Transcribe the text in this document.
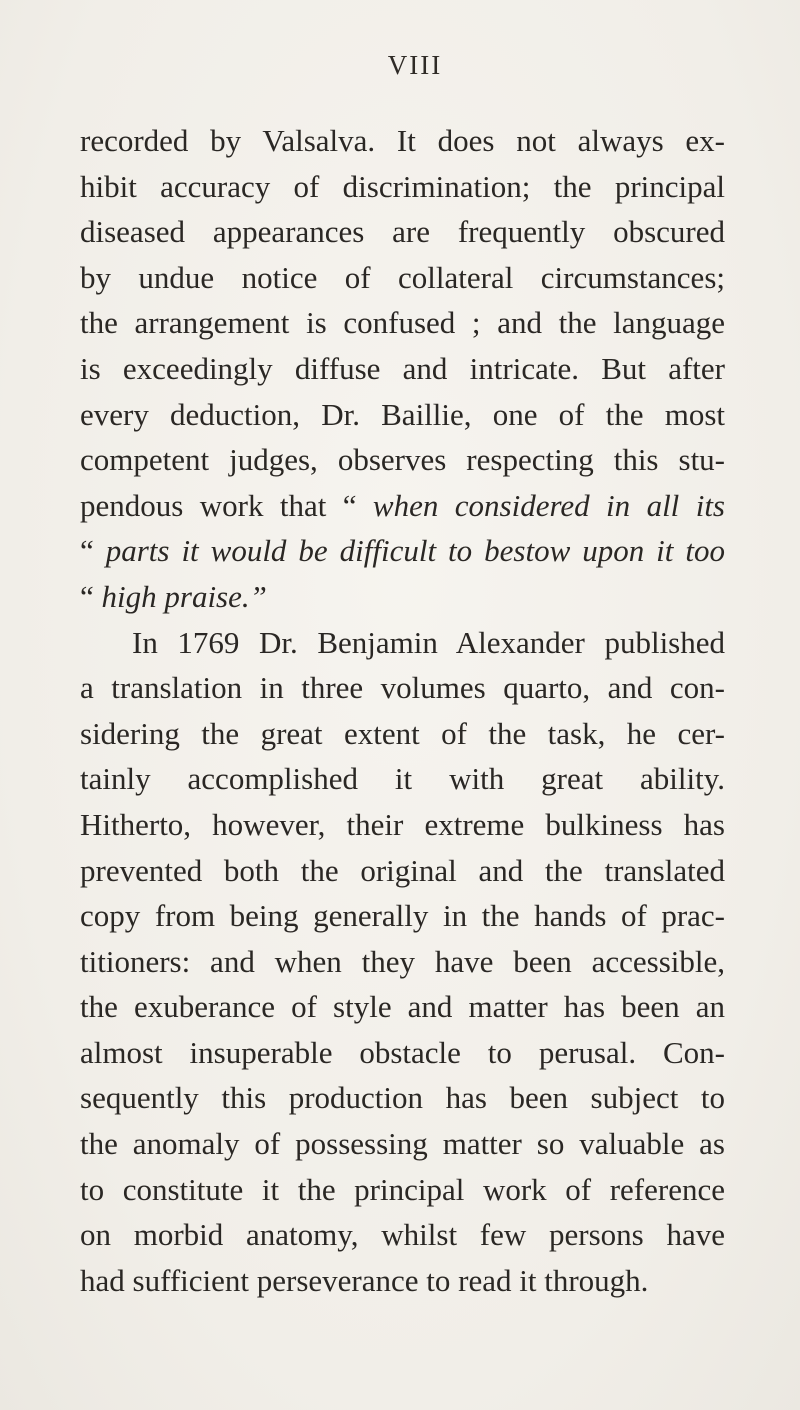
VIII
recorded by Valsalva. It does not always ex-
hibit accuracy of discrimination; the principal
diseased appearances are frequently obscured
by undue notice of collateral circumstances;
the arrangement is confused ; and the language
is exceedingly diffuse and intricate. But after
every deduction, Dr. Baillie, one of the most
competent judges, observes respecting this stu-
pendous work that “ when considered in all its
“ parts it would be difficult to bestow upon it too
“ high praise.”
In 1769 Dr. Benjamin Alexander published
a translation in three volumes quarto, and con-
sidering the great extent of the task, he cer-
tainly accomplished it with great ability.
Hitherto, however, their extreme bulkiness has
prevented both the original and the translated
copy from being generally in the hands of prac-
titioners: and when they have been accessible,
the exuberance of style and matter has been an
almost insuperable obstacle to perusal. Con-
sequently this production has been subject to
the anomaly of possessing matter so valuable as
to constitute it the principal work of reference
on morbid anatomy, whilst few persons have
had sufficient perseverance to read it through.
